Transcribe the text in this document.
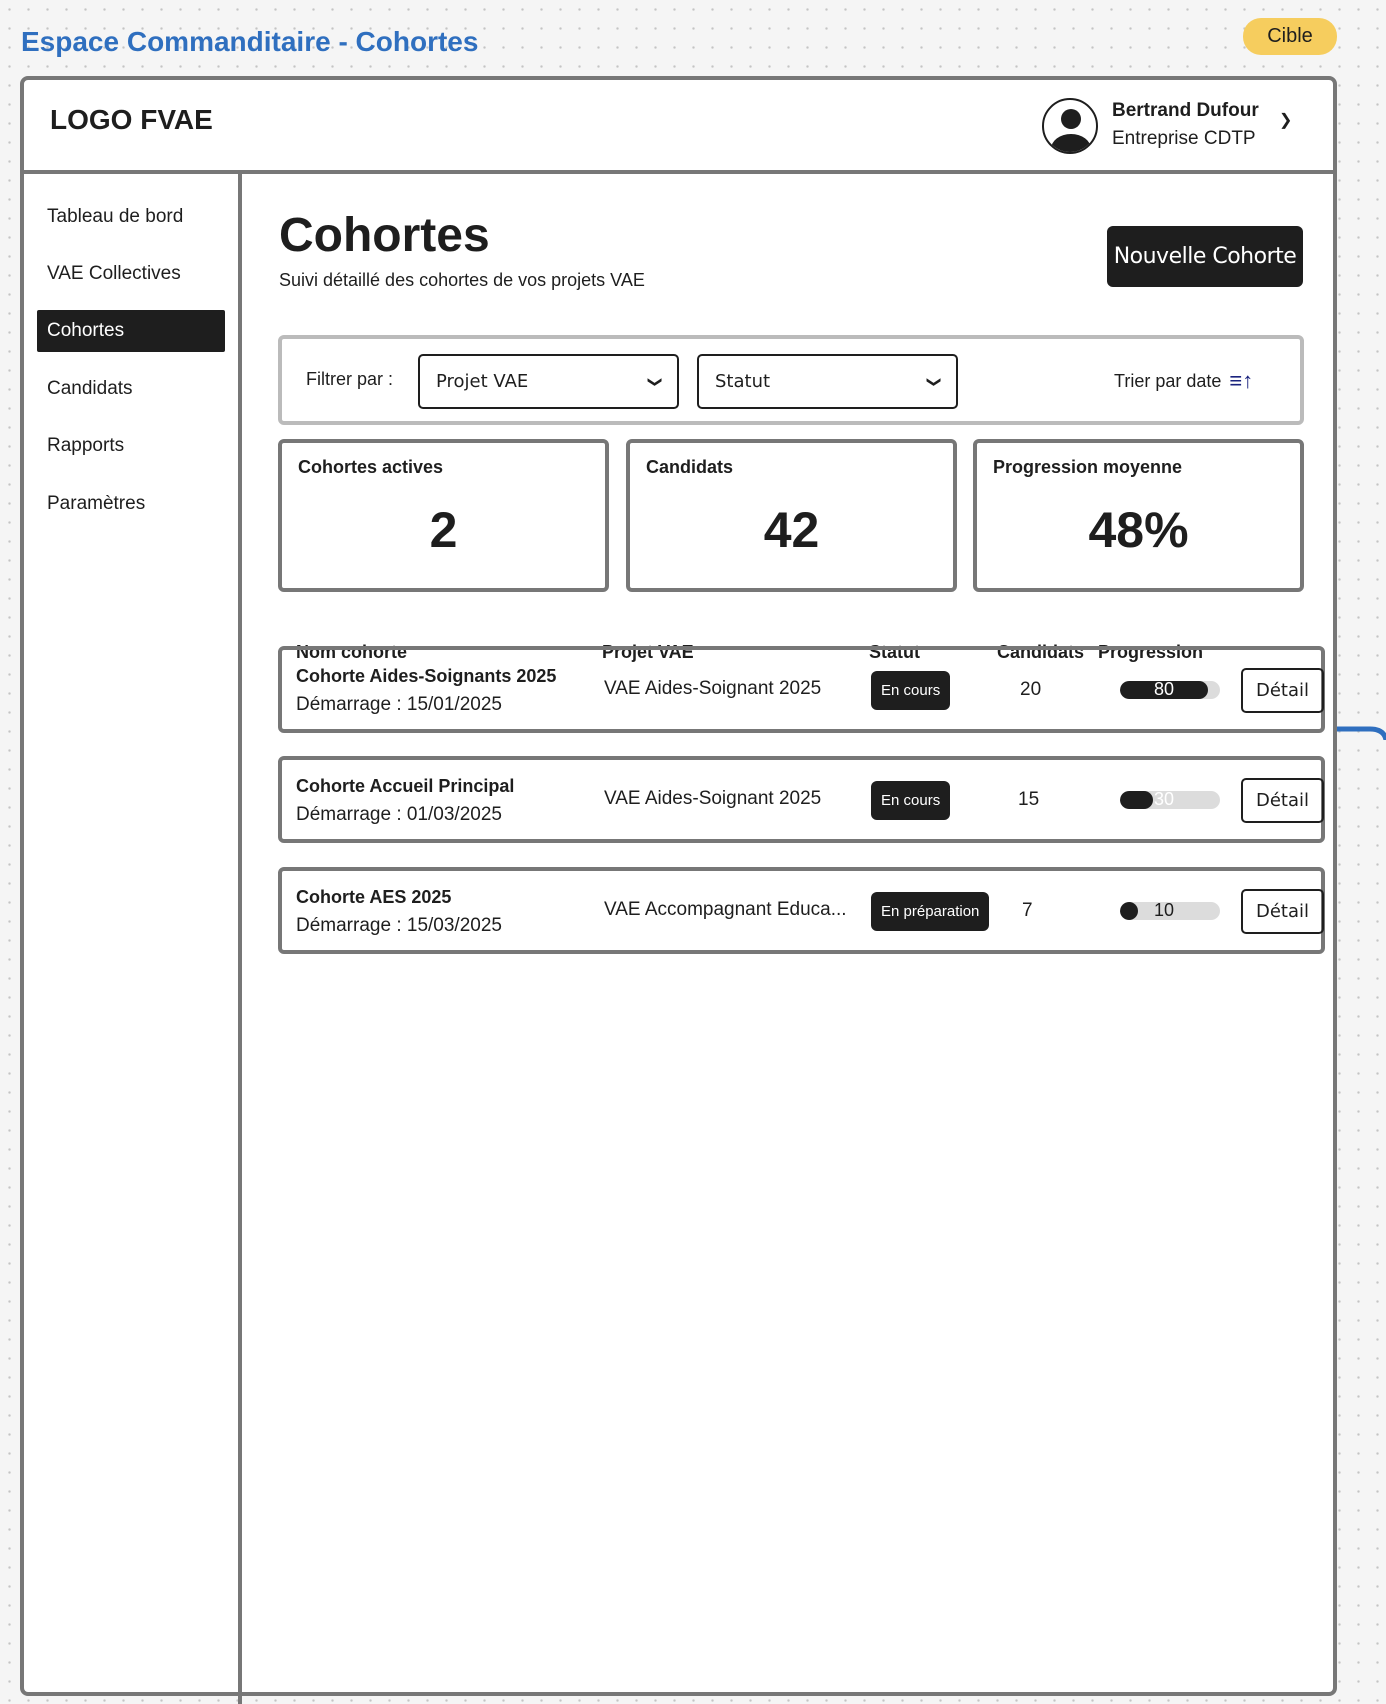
Espace Commanditaire - Cohortes	Cible
LOGO FVAE	Bertrand Dufour
Entreprise CDTP
❯
Tableau de bord
VAE Collectives
Cohortes
Candidats
Rapports
Paramètres
Cohortes
Suivi détaillé des cohortes de vos projets VAE
Nouvelle Cohorte
Filtrer par : Projet VAE	❯	Statut	❯	Trier par date ≡↑
Cohortes actives
2
Candidats
42
Progression moyenne
48%
Nom cohorte	Projet VAE	Statut	Candidats Progression
Cohorte Aides-Soignants 2025
Démarrage : 15/01/2025
VAE Aides-Soignant 2025	En cours	20	80	Détail
Cohorte Accueil Principal
Démarrage : 01/03/2025
VAE Aides-Soignant 2025	En cours	15	30	Détail
Cohorte AES 2025
Démarrage : 15/03/2025
VAE Accompagnant Educa...	En préparation	7	10	Détail
